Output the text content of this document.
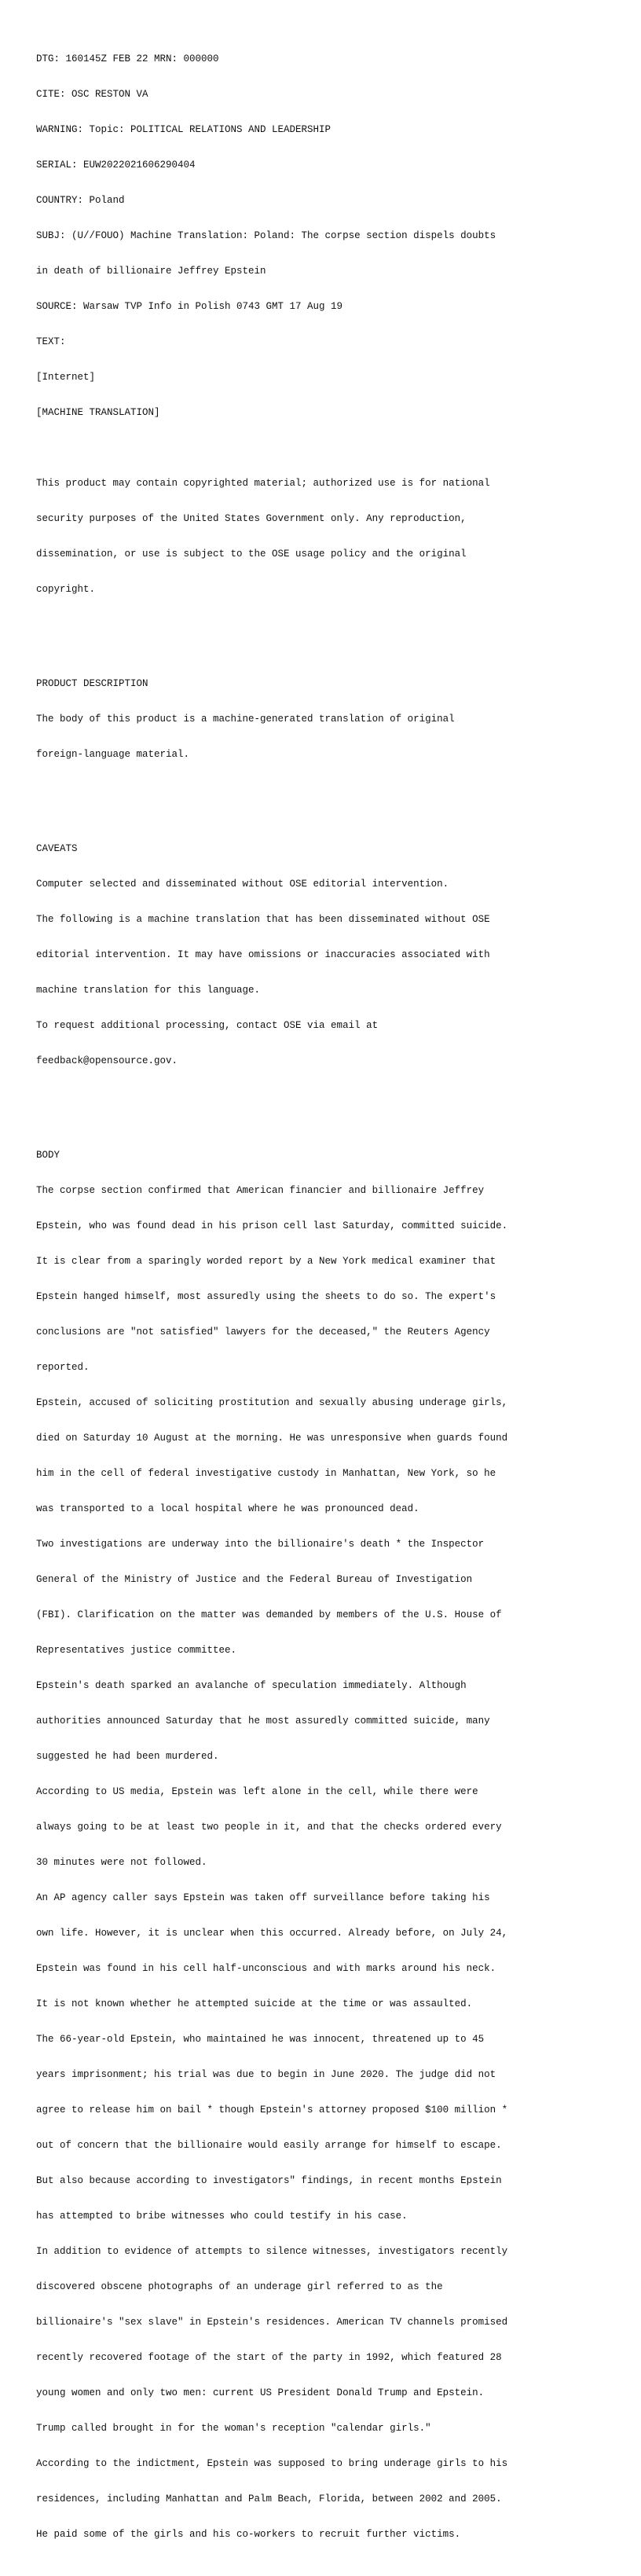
DTG: 160145Z FEB 22 MRN: 000000

CITE: OSC RESTON VA

WARNING: Topic: POLITICAL RELATIONS AND LEADERSHIP

SERIAL: EUW2022021606290404

COUNTRY: Poland

SUBJ: (U//FOUO) Machine Translation: Poland: The corpse section dispels doubts

in death of billionaire Jeffrey Epstein

SOURCE: Warsaw TVP Info in Polish 0743 GMT 17 Aug 19

TEXT:

[Internet]

[MACHINE TRANSLATION]

This product may contain copyrighted material; authorized use is for national

security purposes of the United States Government only. Any reproduction,

dissemination, or use is subject to the OSE usage policy and the original

copyright.

PRODUCT DESCRIPTION

The body of this product is a machine-generated translation of original

foreign-language material.

CAVEATS

Computer selected and disseminated without OSE editorial intervention.

The following is a machine translation that has been disseminated without OSE

editorial intervention. It may have omissions or inaccuracies associated with

machine translation for this language.

To request additional processing, contact OSE via email at

feedback@opensource.gov.

BODY

The corpse section confirmed that American financier and billionaire Jeffrey

Epstein, who was found dead in his prison cell last Saturday, committed suicide.

It is clear from a sparingly worded report by a New York medical examiner that

Epstein hanged himself, most assuredly using the sheets to do so. The expert's

conclusions are "not satisfied" lawyers for the deceased," the Reuters Agency

reported.

Epstein, accused of soliciting prostitution and sexually abusing underage girls,

died on Saturday 10 August at the morning. He was unresponsive when guards found

him in the cell of federal investigative custody in Manhattan, New York, so he

was transported to a local hospital where he was pronounced dead.

Two investigations are underway into the billionaire's death * the Inspector

General of the Ministry of Justice and the Federal Bureau of Investigation

(FBI). Clarification on the matter was demanded by members of the U.S. House of

Representatives justice committee.

Epstein's death sparked an avalanche of speculation immediately. Although

authorities announced Saturday that he most assuredly committed suicide, many

suggested he had been murdered.

According to US media, Epstein was left alone in the cell, while there were

always going to be at least two people in it, and that the checks ordered every

30 minutes were not followed.

An AP agency caller says Epstein was taken off surveillance before taking his

own life. However, it is unclear when this occurred. Already before, on July 24,

Epstein was found in his cell half-unconscious and with marks around his neck.

It is not known whether he attempted suicide at the time or was assaulted.

The 66-year-old Epstein, who maintained he was innocent, threatened up to 45

years imprisonment; his trial was due to begin in June 2020. The judge did not

agree to release him on bail * though Epstein's attorney proposed $100 million *

out of concern that the billionaire would easily arrange for himself to escape.

But also because according to investigators" findings, in recent months Epstein

has attempted to bribe witnesses who could testify in his case.

In addition to evidence of attempts to silence witnesses, investigators recently

discovered obscene photographs of an underage girl referred to as the

billionaire's "sex slave" in Epstein's residences. American TV channels promised

recently recovered footage of the start of the party in 1992, which featured 28

young women and only two men: current US President Donald Trump and Epstein.

Trump called brought in for the woman's reception "calendar girls."

According to the indictment, Epstein was supposed to bring underage girls to his

residences, including Manhattan and Palm Beach, Florida, between 2002 and 2005.

He paid some of the girls and his co-workers to recruit further victims.
